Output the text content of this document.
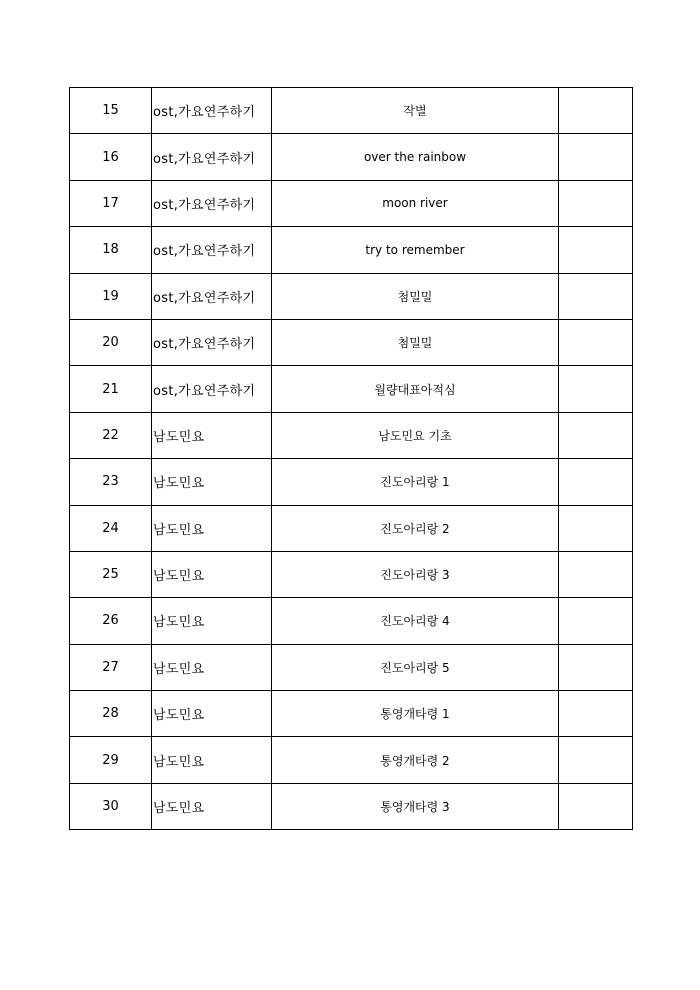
15	ost,가요연주하기	작별	
16	ost,가요연주하기	over the rainbow	
17	ost,가요연주하기	moon river	
18	ost,가요연주하기	try to remember	
19	ost,가요연주하기	첨밀밀	
20	ost,가요연주하기	첨밀밀	
21	ost,가요연주하기	월량대표아적심	
22	남도민요	남도민요 기초	
23	남도민요	진도아리랑 1	
24	남도민요	진도아리랑 2	
25	남도민요	진도아리랑 3	
26	남도민요	진도아리랑 4	
27	남도민요	진도아리랑 5	
28	남도민요	통영개타령 1	
29	남도민요	통영개타령 2	
30	남도민요	통영개타령 3	
